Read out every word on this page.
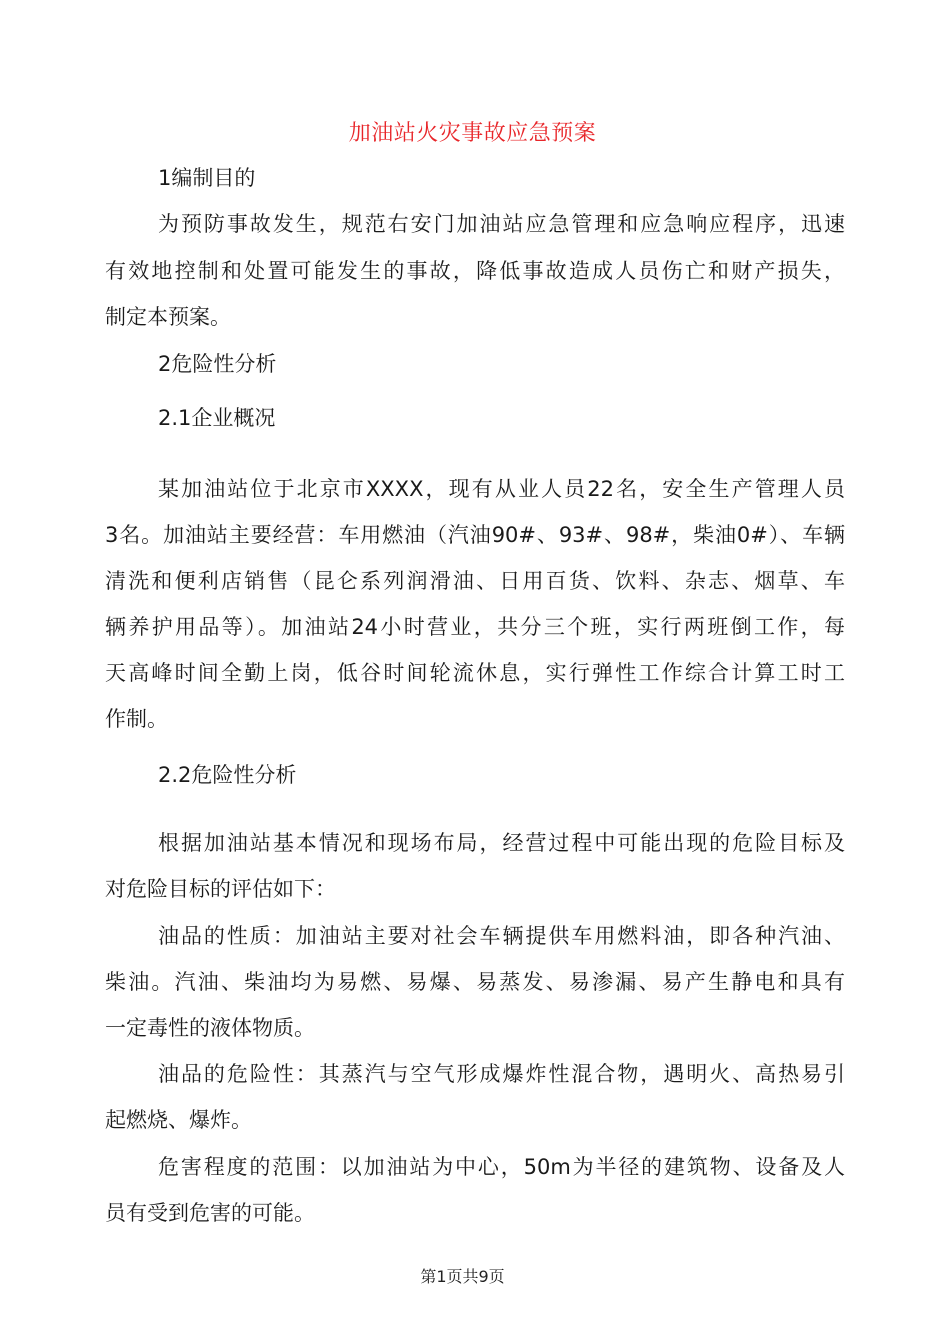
加油站火灾事故应急预案
1编制目的
为预防事故发生，规范右安门加油站应急管理和应急响应程序，迅速
有效地控制和处置可能发生的事故，降低事故造成人员伤亡和财产损失，
制定本预案。
2危险性分析
2.1企业概况
某加油站位于北京市XXXX，现有从业人员22名，安全生产管理人员
3名。加油站主要经营：车用燃油（汽油90#、93#、98#，柴油0#）、车辆
清洗和便利店销售（昆仑系列润滑油、日用百货、饮料、杂志、烟草、车
辆养护用品等）。加油站24小时营业，共分三个班，实行两班倒工作，每
天高峰时间全勤上岗，低谷时间轮流休息，实行弹性工作综合计算工时工
作制。
2.2危险性分析
根据加油站基本情况和现场布局，经营过程中可能出现的危险目标及
对危险目标的评估如下：
油品的性质：加油站主要对社会车辆提供车用燃料油，即各种汽油、
柴油。汽油、柴油均为易燃、易爆、易蒸发、易渗漏、易产生静电和具有
一定毒性的液体物质。
油品的危险性：其蒸汽与空气形成爆炸性混合物，遇明火、高热易引
起燃烧、爆炸。
危害程度的范围：以加油站为中心，50m为半径的建筑物、设备及人
员有受到危害的可能。
第1页共9页
